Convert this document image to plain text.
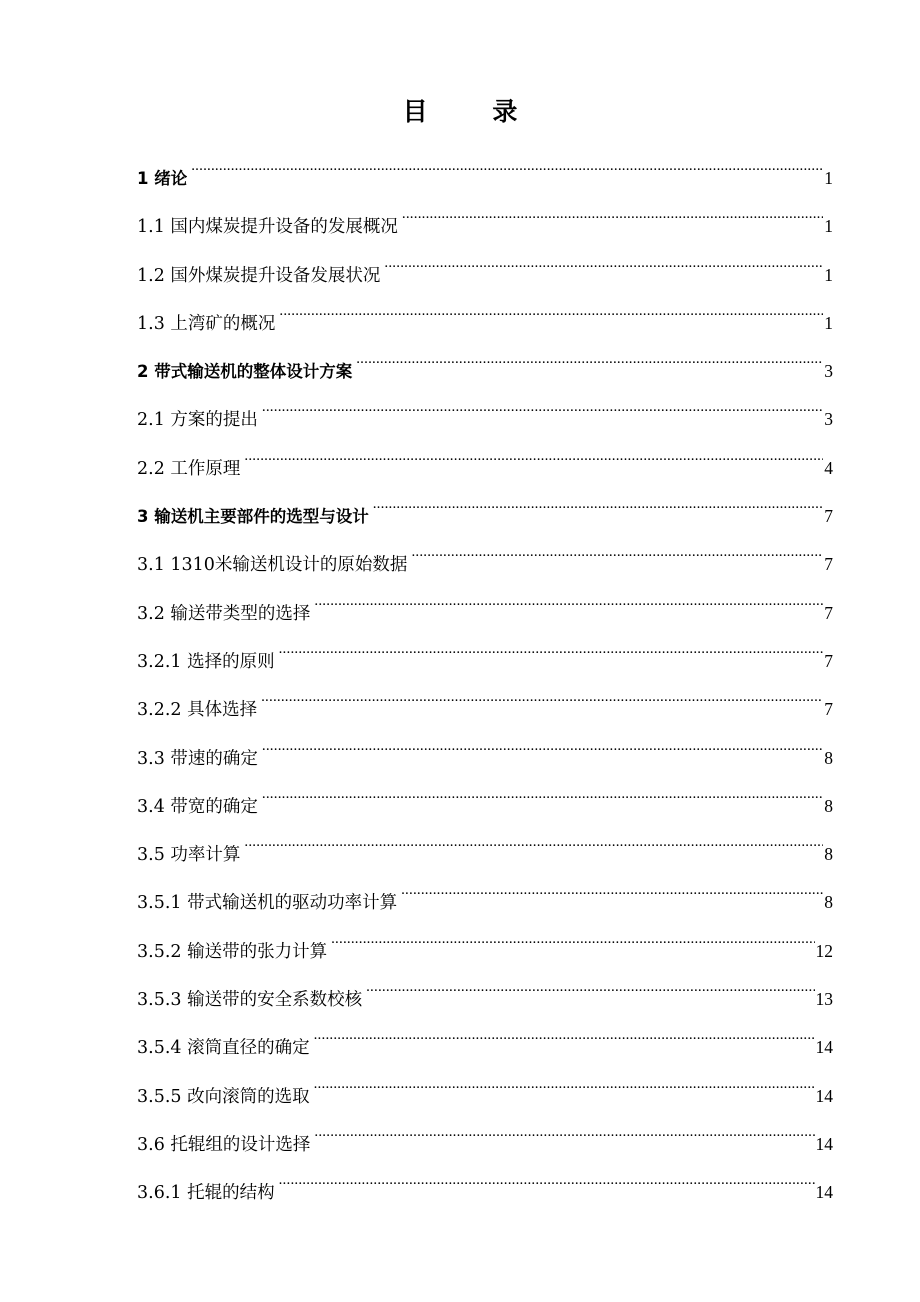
目 录
1 绪论 .....	1
1.1 国内煤炭提升设备的发展概况 .....	1
1.2 国外煤炭提升设备发展状况 .....	1
1.3 上湾矿的概况 .....	1
2 带式输送机的整体设计方案 .....	3
2.1 方案的提出 .....	3
2.2 工作原理 .....	4
3 输送机主要部件的选型与设计 .....	7
3.1 1310米输送机设计的原始数据 .....	7
3.2 输送带类型的选择 .....	7
3.2.1 选择的原则 .....	7
3.2.2 具体选择 .....	7
3.3 带速的确定 .....	8
3.4 带宽的确定 .....	8
3.5 功率计算 .....	8
3.5.1 带式输送机的驱动功率计算 .....	8
3.5.2 输送带的张力计算 .....	12
3.5.3 输送带的安全系数校核 .....	13
3.5.4 滚筒直径的确定 .....	14
3.5.5 改向滚筒的选取 .....	14
3.6 托辊组的设计选择 .....	14
3.6.1 托辊的结构 .....	14
